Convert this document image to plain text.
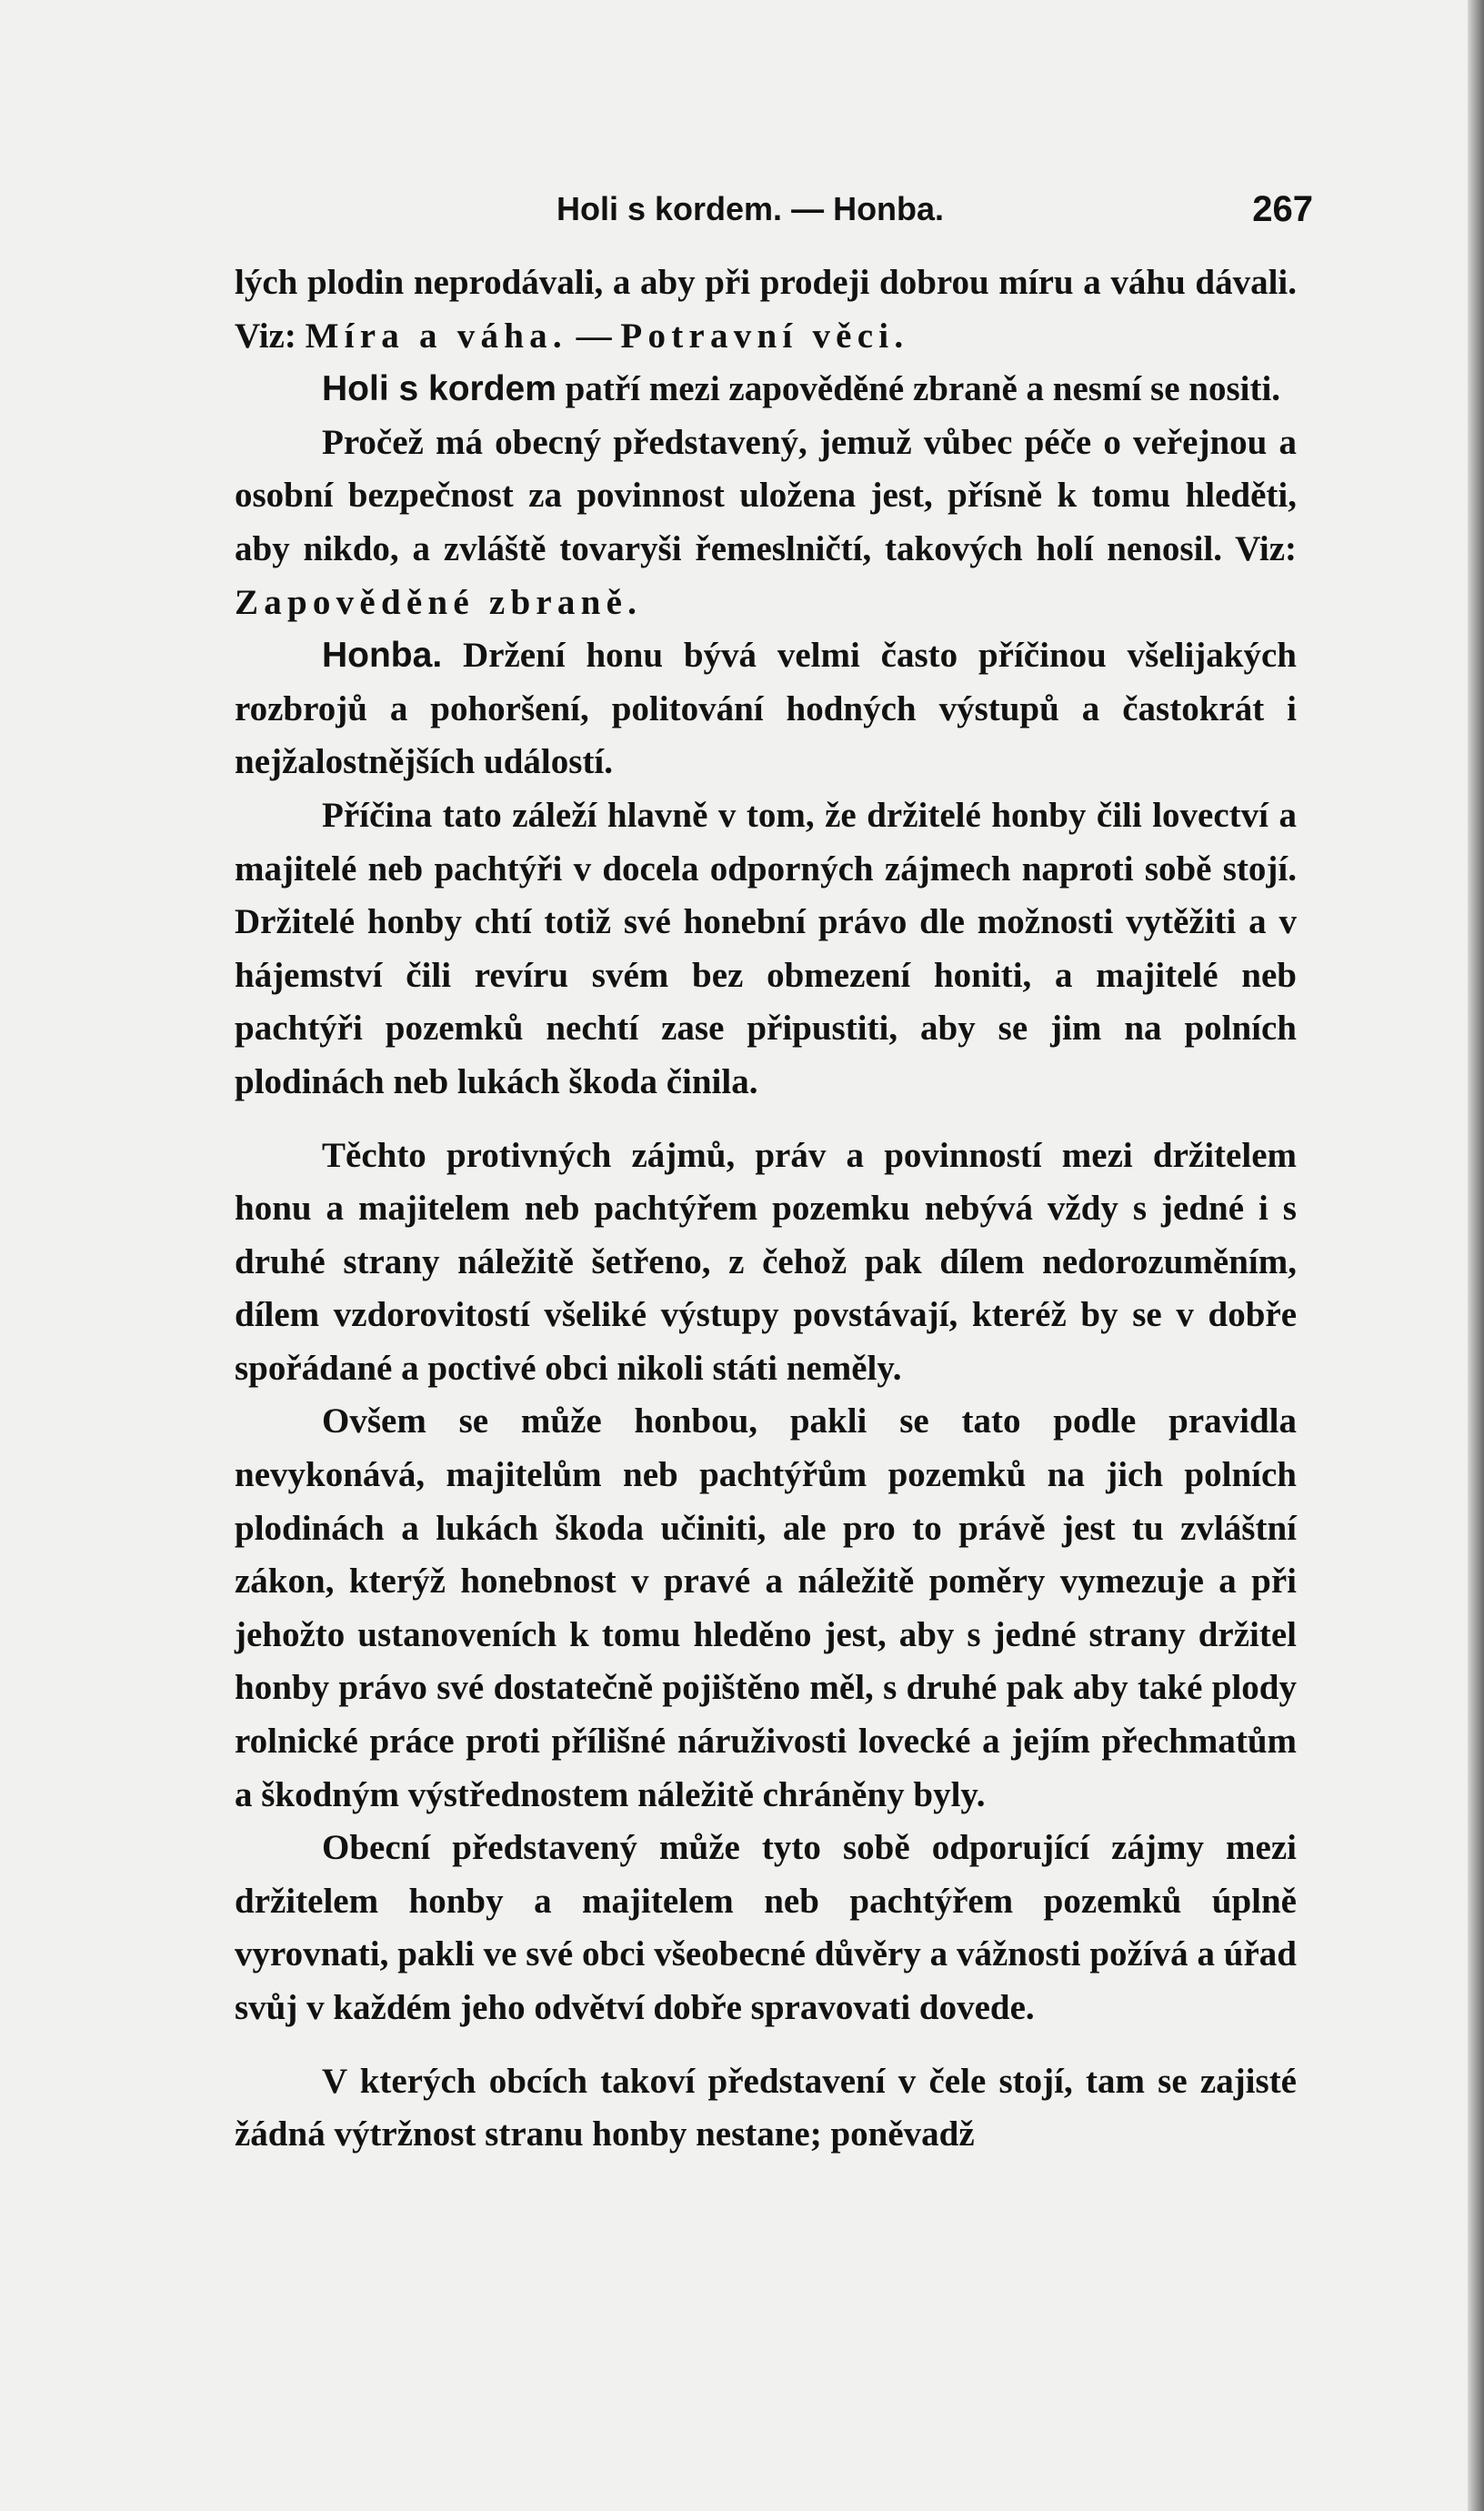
Holi s kordem. — Honba.	267

lých plodin neprodávali, a aby při prodeji dobrou míru a váhu dávali. Viz: Míra a váha. — Potravní věci.

Holi s kordem patří mezi zapověděné zbraně a nesmí se nositi.

Pročež má obecný představený, jemuž vůbec péče o veřejnou a osobní bezpečnost za povinnost uložena jest, přísně k tomu hleděti, aby nikdo, a zvláště tovaryši řemeslničtí, takových holí nenosil. Viz: Zapověděné zbraně.

Honba. Držení honu bývá velmi často příčinou všelijakých rozbrojů a pohoršení, politování hodných výstupů a častokrát i nejžalostnějších událostí.

Příčina tato záleží hlavně v tom, že držitelé honby čili lovectví a majitelé neb pachtýři v docela odporných zájmech naproti sobě stojí. Držitelé honby chtí totiž své honební právo dle možnosti vytěžiti a v hájemství čili revíru svém bez obmezení honiti, a majitelé neb pachtýři pozemků nechtí zase připustiti, aby se jim na polních plodinách neb lukách škoda činila.

Těchto protivných zájmů, práv a povinností mezi držitelem honu a majitelem neb pachtýřem pozemku nebývá vždy s jedné i s druhé strany náležitě šetřeno, z čehož pak dílem nedorozuměním, dílem vzdorovitostí všeliké výstupy povstávají, kteréž by se v dobře spořádané a poctivé obci nikoli státi neměly.

Ovšem se může honbou, pakli se tato podle pravidla nevykonává, majitelům neb pachtýřům pozemků na jich polních plodinách a lukách škoda učiniti, ale pro to právě jest tu zvláštní zákon, kterýž honebnost v pravé a náležitě poměry vymezuje a při jehožto ustanoveních k tomu hleděno jest, aby s jedné strany držitel honby právo své dostatečně pojištěno měl, s druhé pak aby také plody rolnické práce proti přílišné náruživosti lovecké a jejím přechmatům a škodným výstřednostem náležitě chráněny byly.

Obecní představený může tyto sobě odporující zájmy mezi držitelem honby a majitelem neb pachtýřem pozemků úplně vyrovnati, pakli ve své obci všeobecné důvěry a vážnosti požívá a úřad svůj v každém jeho odvětví dobře spravovati dovede.

V kterých obcích takoví představení v čele stojí, tam se zajisté žádná výtržnost stranu honby nestane; poněvadž
